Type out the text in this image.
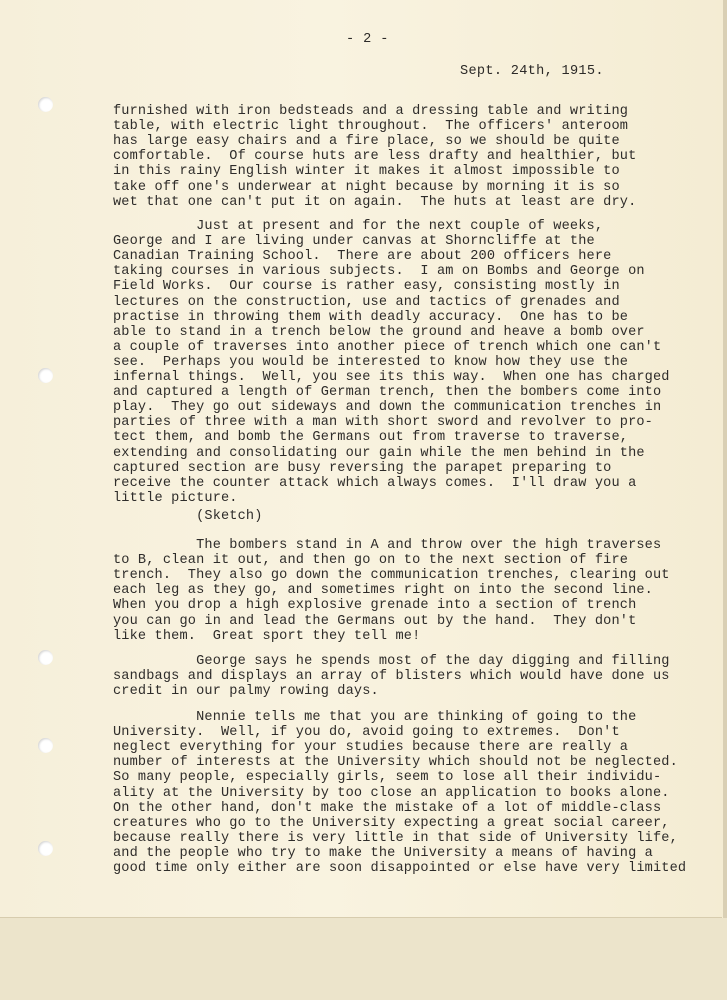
- 2 -
Sept. 24th, 1915.
furnished with iron bedsteads and a dressing table and writing
table, with electric light throughout.  The officers' anteroom
has large easy chairs and a fire place, so we should be quite
comfortable.  Of course huts are less drafty and healthier, but
in this rainy English winter it makes it almost impossible to
take off one's underwear at night because by morning it is so
wet that one can't put it on again.  The huts at least are dry.
Just at present and for the next couple of weeks,
George and I are living under canvas at Shorncliffe at the
Canadian Training School.  There are about 200 officers here
taking courses in various subjects.  I am on Bombs and George on
Field Works.  Our course is rather easy, consisting mostly in
lectures on the construction, use and tactics of grenades and
practise in throwing them with deadly accuracy.  One has to be
able to stand in a trench below the ground and heave a bomb over
a couple of traverses into another piece of trench which one can't
see.  Perhaps you would be interested to know how they use the
infernal things.  Well, you see its this way.  When one has charged
and captured a length of German trench, then the bombers come into
play.  They go out sideways and down the communication trenches in
parties of three with a man with short sword and revolver to pro-
tect them, and bomb the Germans out from traverse to traverse,
extending and consolidating our gain while the men behind in the
captured section are busy reversing the parapet preparing to
receive the counter attack which always comes.  I'll draw you a
little picture.
(Sketch)
The bombers stand in A and throw over the high traverses
to B, clean it out, and then go on to the next section of fire
trench.  They also go down the communication trenches, clearing out
each leg as they go, and sometimes right on into the second line.
When you drop a high explosive grenade into a section of trench
you can go in and lead the Germans out by the hand.  They don't
like them.  Great sport they tell me!
George says he spends most of the day digging and filling
sandbags and displays an array of blisters which would have done us
credit in our palmy rowing days.
Nennie tells me that you are thinking of going to the
University.  Well, if you do, avoid going to extremes.  Don't
neglect everything for your studies because there are really a
number of interests at the University which should not be neglected.
So many people, especially girls, seem to lose all their individu-
ality at the University by too close an application to books alone.
On the other hand, don't make the mistake of a lot of middle-class
creatures who go to the University expecting a great social career,
because really there is very little in that side of University life,
and the people who try to make the University a means of having a
good time only either are soon disappointed or else have very limited
